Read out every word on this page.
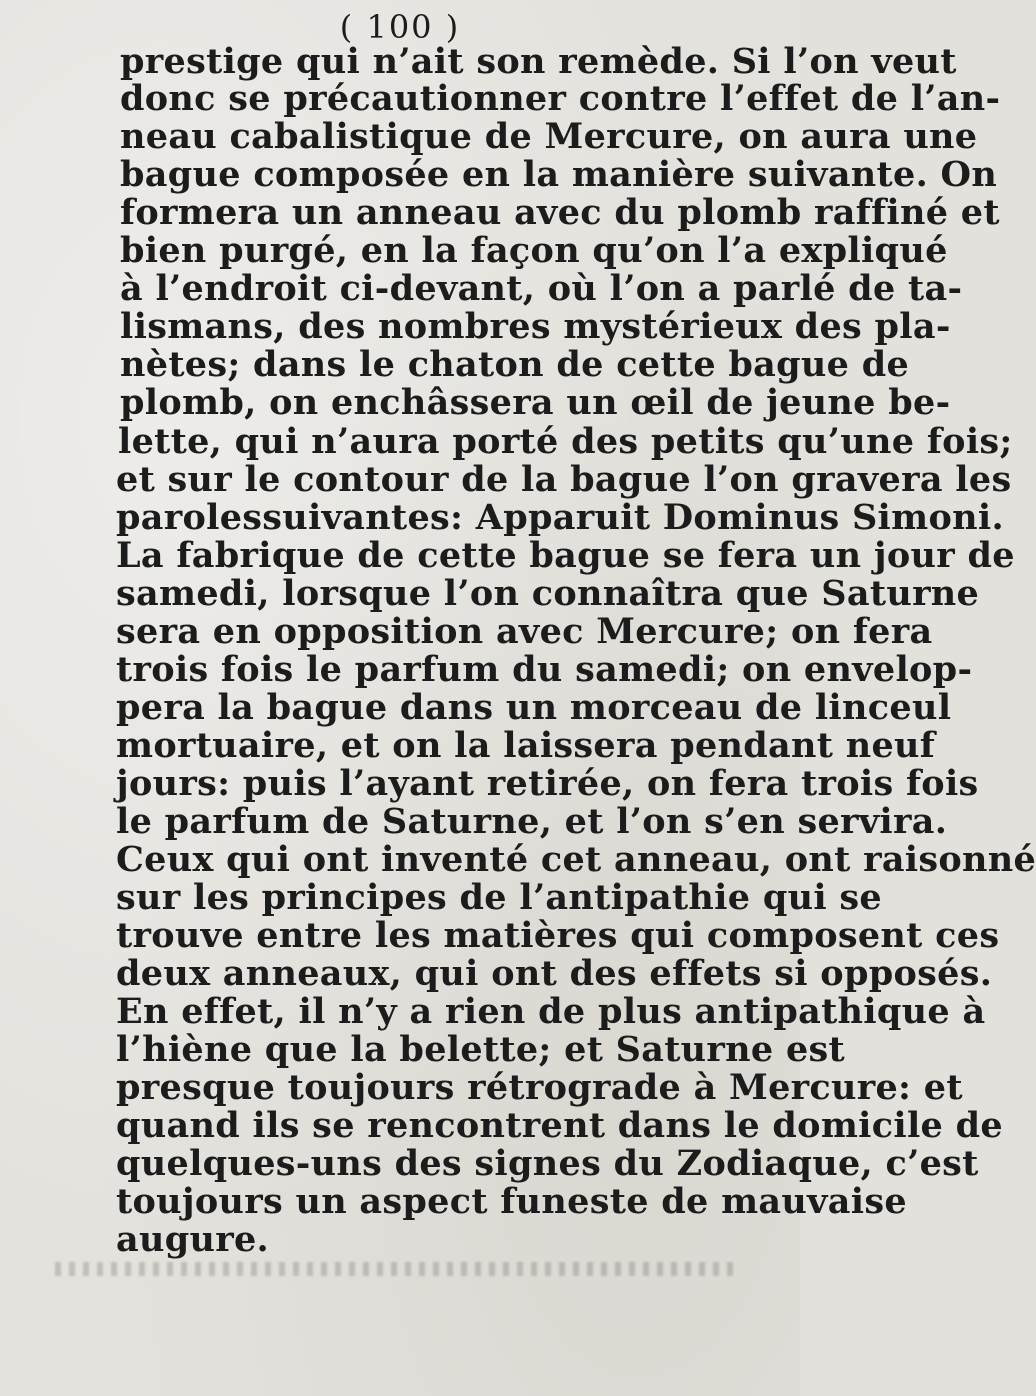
( 100 )
prestige qui n’ait son remède. Si l’on veut
donc se précautionner contre l’effet de l’an-
neau cabalistique de Mercure, on aura une
bague composée en la manière suivante. On
formera un anneau avec du plomb raffiné et
bien purgé, en la façon qu’on l’a expliqué
à l’endroit ci-devant, où l’on a parlé de ta-
lismans, des nombres mystérieux des pla-
nètes; dans le chaton de cette bague de
plomb, on enchâssera un œil de jeune be-
lette, qui n’aura porté des petits qu’une fois;
et sur le contour de la bague l’on gravera les
parolessuivantes: Apparuit Dominus Simoni.
La fabrique de cette bague se fera un jour de
samedi, lorsque l’on connaîtra que Saturne
sera en opposition avec Mercure; on fera
trois fois le parfum du samedi; on envelop-
pera la bague dans un morceau de linceul
mortuaire, et on la laissera pendant neuf
jours: puis l’ayant retirée, on fera trois fois
le parfum de Saturne, et l’on s’en servira.
Ceux qui ont inventé cet anneau, ont raisonné
sur les principes de l’antipathie qui se
trouve entre les matières qui composent ces
deux anneaux, qui ont des effets si opposés.
En effet, il n’y a rien de plus antipathique à
l’hiène que la belette; et Saturne est
presque toujours rétrograde à Mercure: et
quand ils se rencontrent dans le domicile de
quelques-uns des signes du Zodiaque, c’est
toujours un aspect funeste de mauvaise
augure.
